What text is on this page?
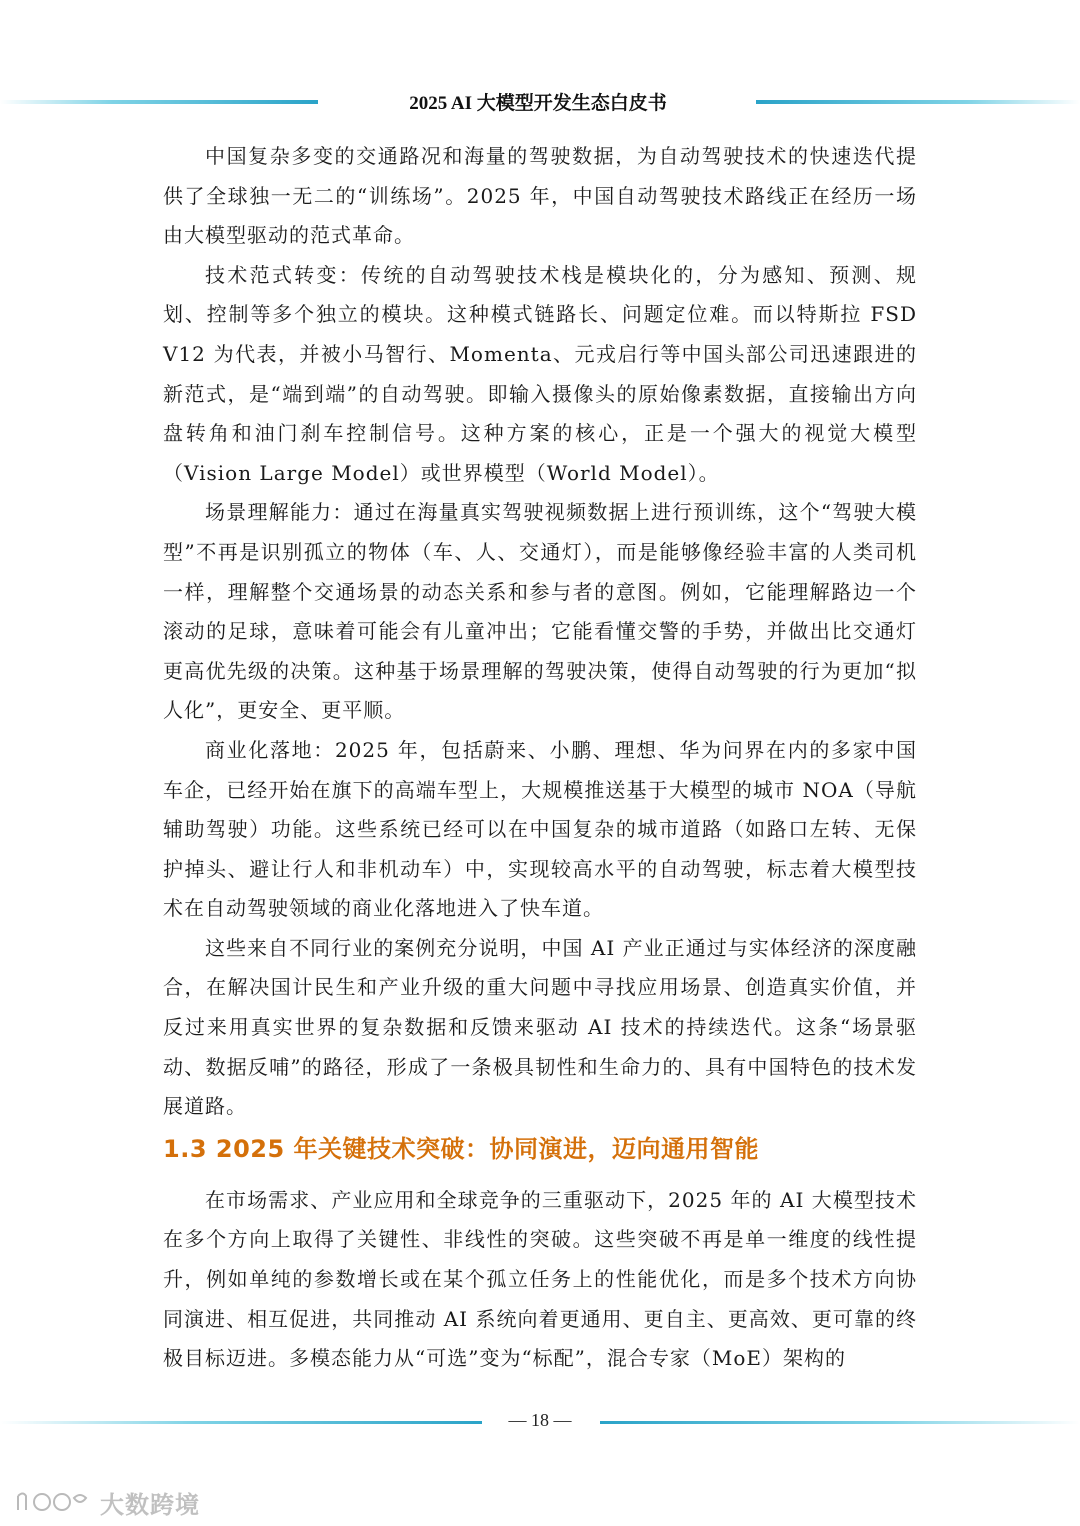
2025 AI 大模型开发生态白皮书

中国复杂多变的交通路况和海量的驾驶数据，为自动驾驶技术的快速迭代提供了全球独一无二的“训练场”。2025 年，中国自动驾驶技术路线正在经历一场由大模型驱动的范式革命。

技术范式转变：传统的自动驾驶技术栈是模块化的，分为感知、预测、规划、控制等多个独立的模块。这种模式链路长、问题定位难。而以特斯拉 FSD V12 为代表，并被小马智行、Momenta、元戎启行等中国头部公司迅速跟进的新范式，是“端到端”的自动驾驶。即输入摄像头的原始像素数据，直接输出方向盘转角和油门刹车控制信号。这种方案的核心，正是一个强大的视觉大模型（Vision Large Model）或世界模型（World Model）。

场景理解能力：通过在海量真实驾驶视频数据上进行预训练，这个“驾驶大模型”不再是识别孤立的物体（车、人、交通灯），而是能够像经验丰富的人类司机一样，理解整个交通场景的动态关系和参与者的意图。例如，它能理解路边一个滚动的足球，意味着可能会有儿童冲出；它能看懂交警的手势，并做出比交通灯更高优先级的决策。这种基于场景理解的驾驶决策，使得自动驾驶的行为更加“拟人化”，更安全、更平顺。

商业化落地：2025 年，包括蔚来、小鹏、理想、华为问界在内的多家中国车企，已经开始在旗下的高端车型上，大规模推送基于大模型的城市 NOA（导航辅助驾驶）功能。这些系统已经可以在中国复杂的城市道路（如路口左转、无保护掉头、避让行人和非机动车）中，实现较高水平的自动驾驶，标志着大模型技术在自动驾驶领域的商业化落地进入了快车道。

这些来自不同行业的案例充分说明，中国 AI 产业正通过与实体经济的深度融合，在解决国计民生和产业升级的重大问题中寻找应用场景、创造真实价值，并反过来用真实世界的复杂数据和反馈来驱动 AI 技术的持续迭代。这条“场景驱动、数据反哺”的路径，形成了一条极具韧性和生命力的、具有中国特色的技术发展道路。

1.3 2025 年关键技术突破：协同演进，迈向通用智能

在市场需求、产业应用和全球竞争的三重驱动下，2025 年的 AI 大模型技术在多个方向上取得了关键性、非线性的突破。这些突破不再是单一维度的线性提升，例如单纯的参数增长或在某个孤立任务上的性能优化，而是多个技术方向协同演进、相互促进，共同推动 AI 系统向着更通用、更自主、更高效、更可靠的终极目标迈进。多模态能力从“可选”变为“标配”，混合专家（MoE）架构的

— 18 —
大数跨境
